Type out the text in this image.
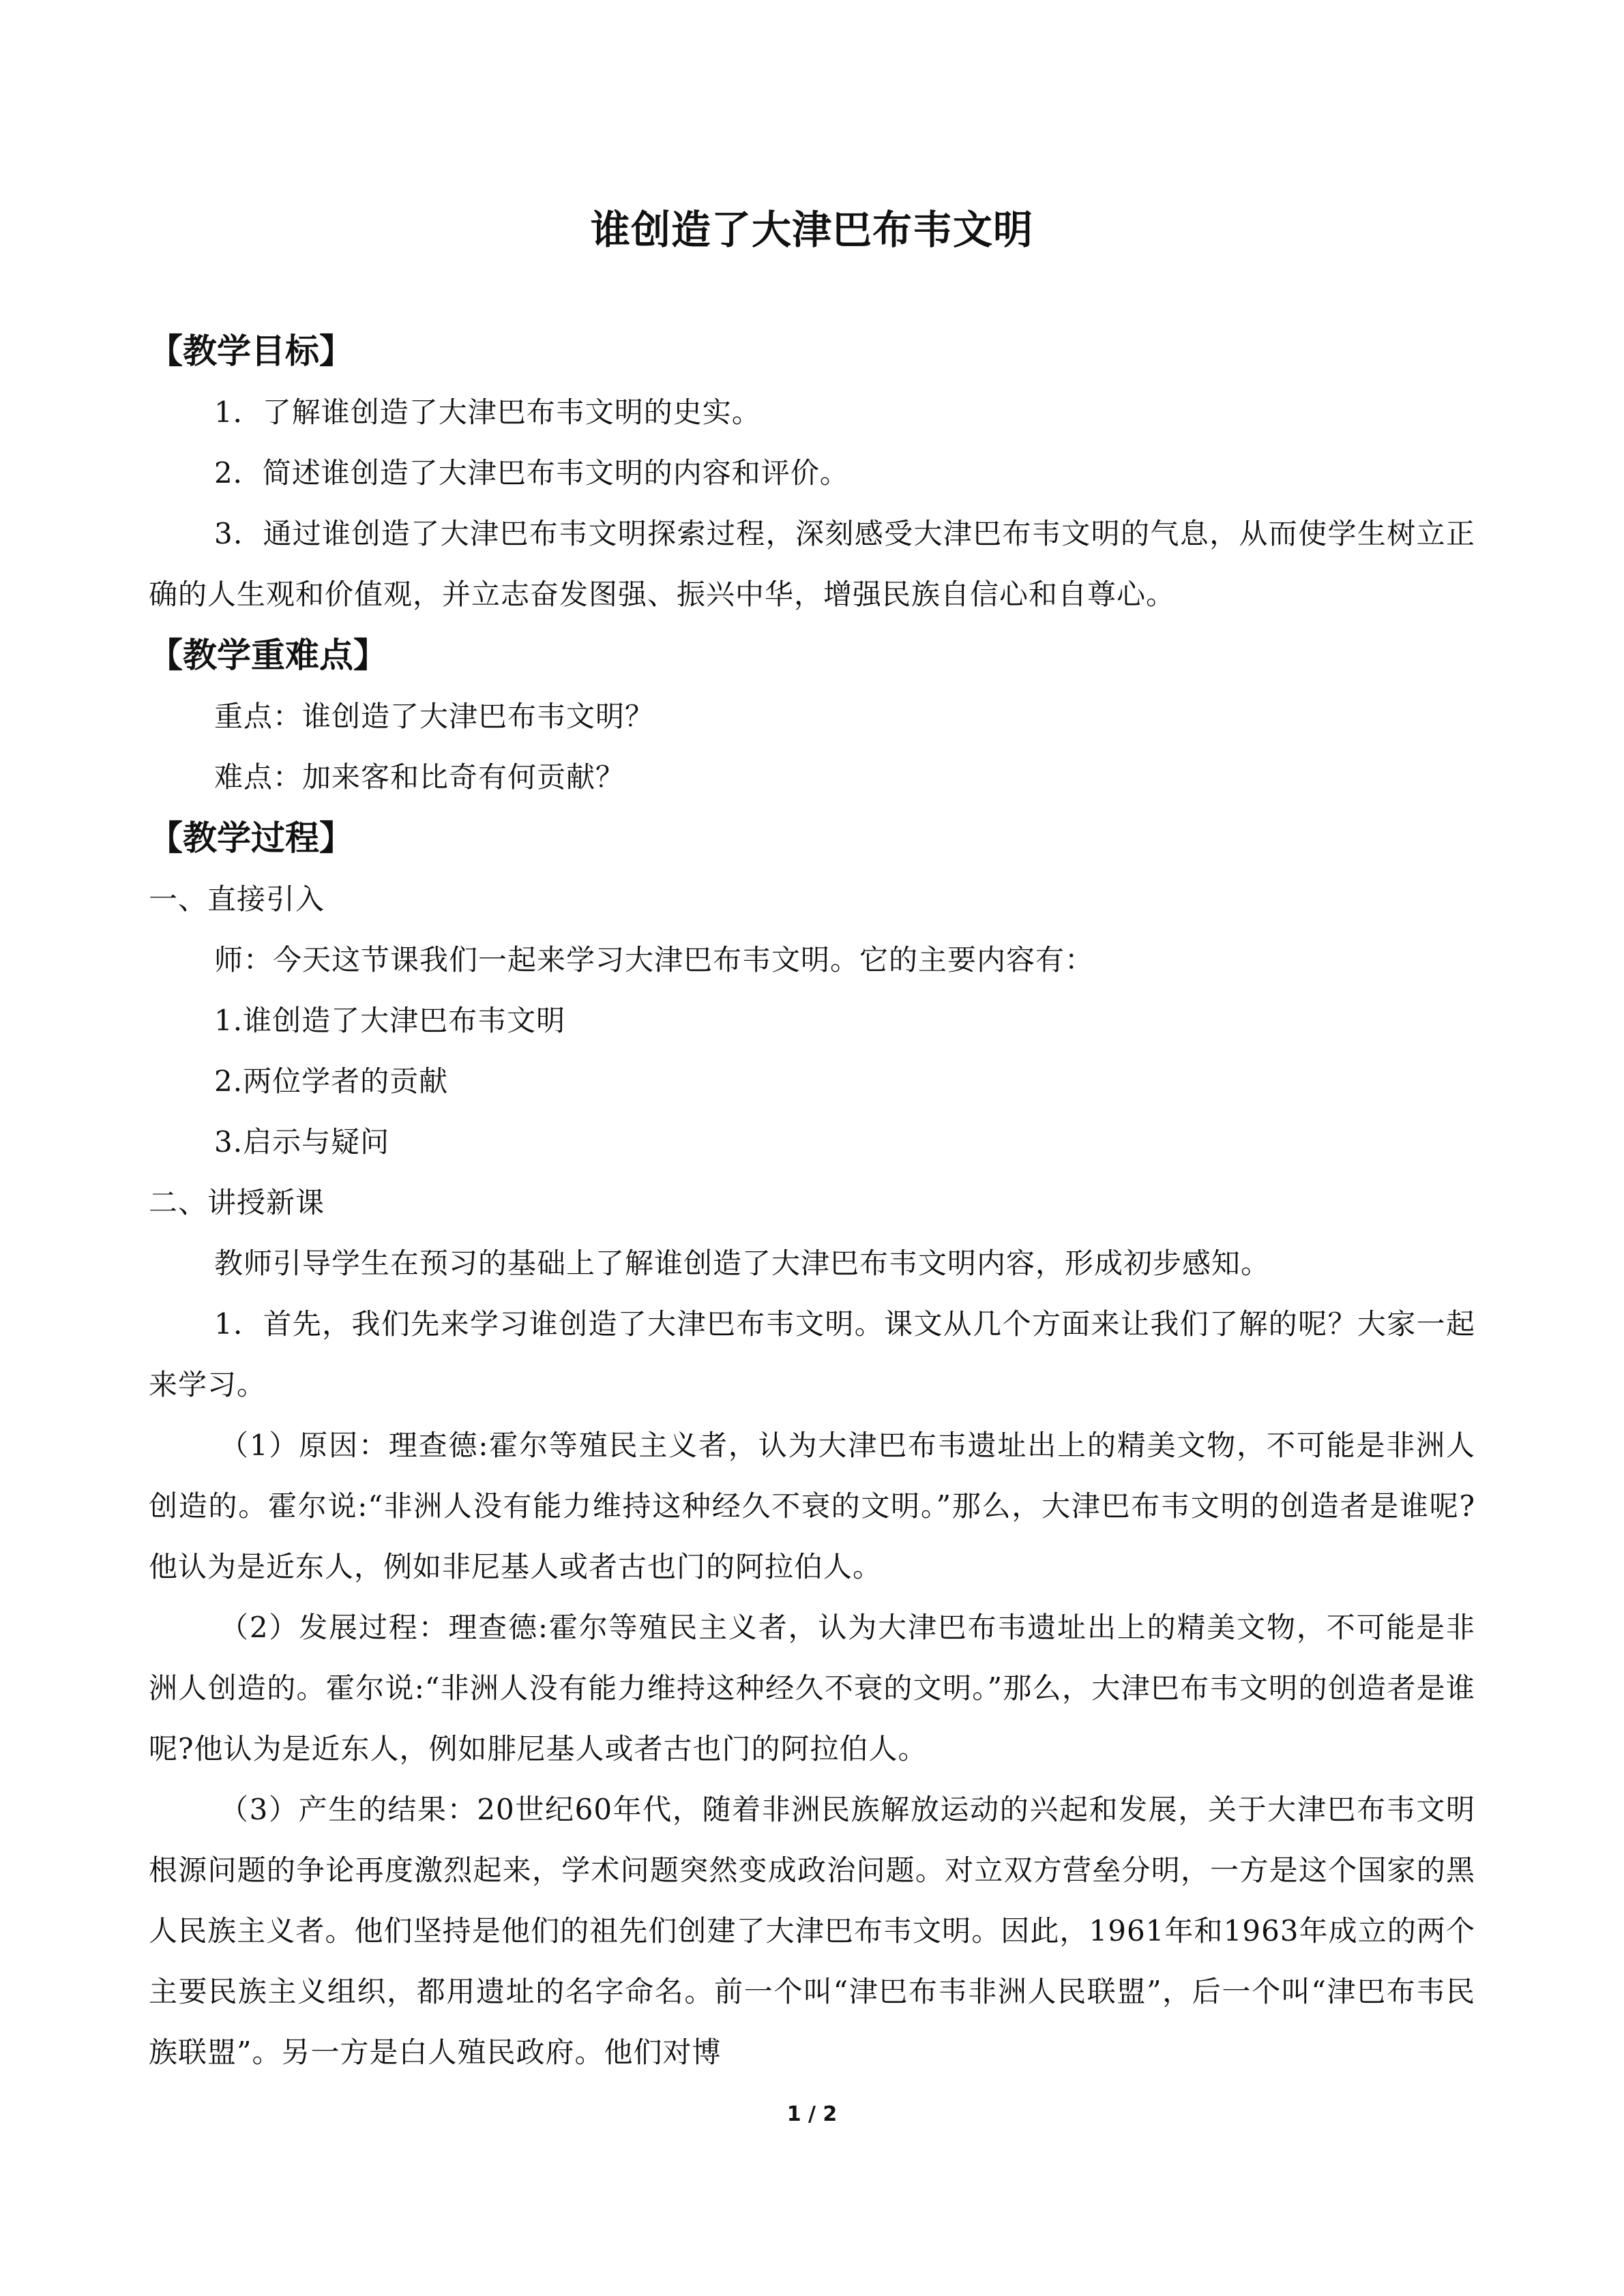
谁创造了大津巴布韦文明
【教学目标】

1．了解谁创造了大津巴布韦文明的史实。

2．简述谁创造了大津巴布韦文明的内容和评价。

3．通过谁创造了大津巴布韦文明探索过程，深刻感受大津巴布韦文明的气息，从而使学生树立正确的人生观和价值观，并立志奋发图强、振兴中华，增强民族自信心和自尊心。

【教学重难点】

重点：谁创造了大津巴布韦文明？

难点：加来客和比奇有何贡献？

【教学过程】

一、直接引入

师：今天这节课我们一起来学习大津巴布韦文明。它的主要内容有：

1.谁创造了大津巴布韦文明

2.两位学者的贡献

3.启示与疑问

二、讲授新课

教师引导学生在预习的基础上了解谁创造了大津巴布韦文明内容，形成初步感知。

1．首先，我们先来学习谁创造了大津巴布韦文明。课文从几个方面来让我们了解的呢？大家一起来学习。

（1）原因：理查德:霍尔等殖民主义者，认为大津巴布韦遗址出上的精美文物，不可能是非洲人创造的。霍尔说:“非洲人没有能力维持这种经久不衰的文明。”那么，大津巴布韦文明的创造者是谁呢?他认为是近东人，例如非尼基人或者古也门的阿拉伯人。

（2）发展过程：理查德:霍尔等殖民主义者，认为大津巴布韦遗址出上的精美文物，不可能是非洲人创造的。霍尔说:“非洲人没有能力维持这种经久不衰的文明。”那么，大津巴布韦文明的创造者是谁呢?他认为是近东人，例如腓尼基人或者古也门的阿拉伯人。

（3）产生的结果：20世纪60年代，随着非洲民族解放运动的兴起和发展，关于大津巴布韦文明根源问题的争论再度激烈起来，学术问题突然变成政治问题。对立双方营垒分明，一方是这个国家的黑人民族主义者。他们坚持是他们的祖先们创建了大津巴布韦文明。因此，1961年和1963年成立的两个主要民族主义组织，都用遗址的名字命名。前一个叫“津巴布韦非洲人民联盟”，后一个叫“津巴布韦民族联盟”。另一方是白人殖民政府。他们对博

1 / 2
